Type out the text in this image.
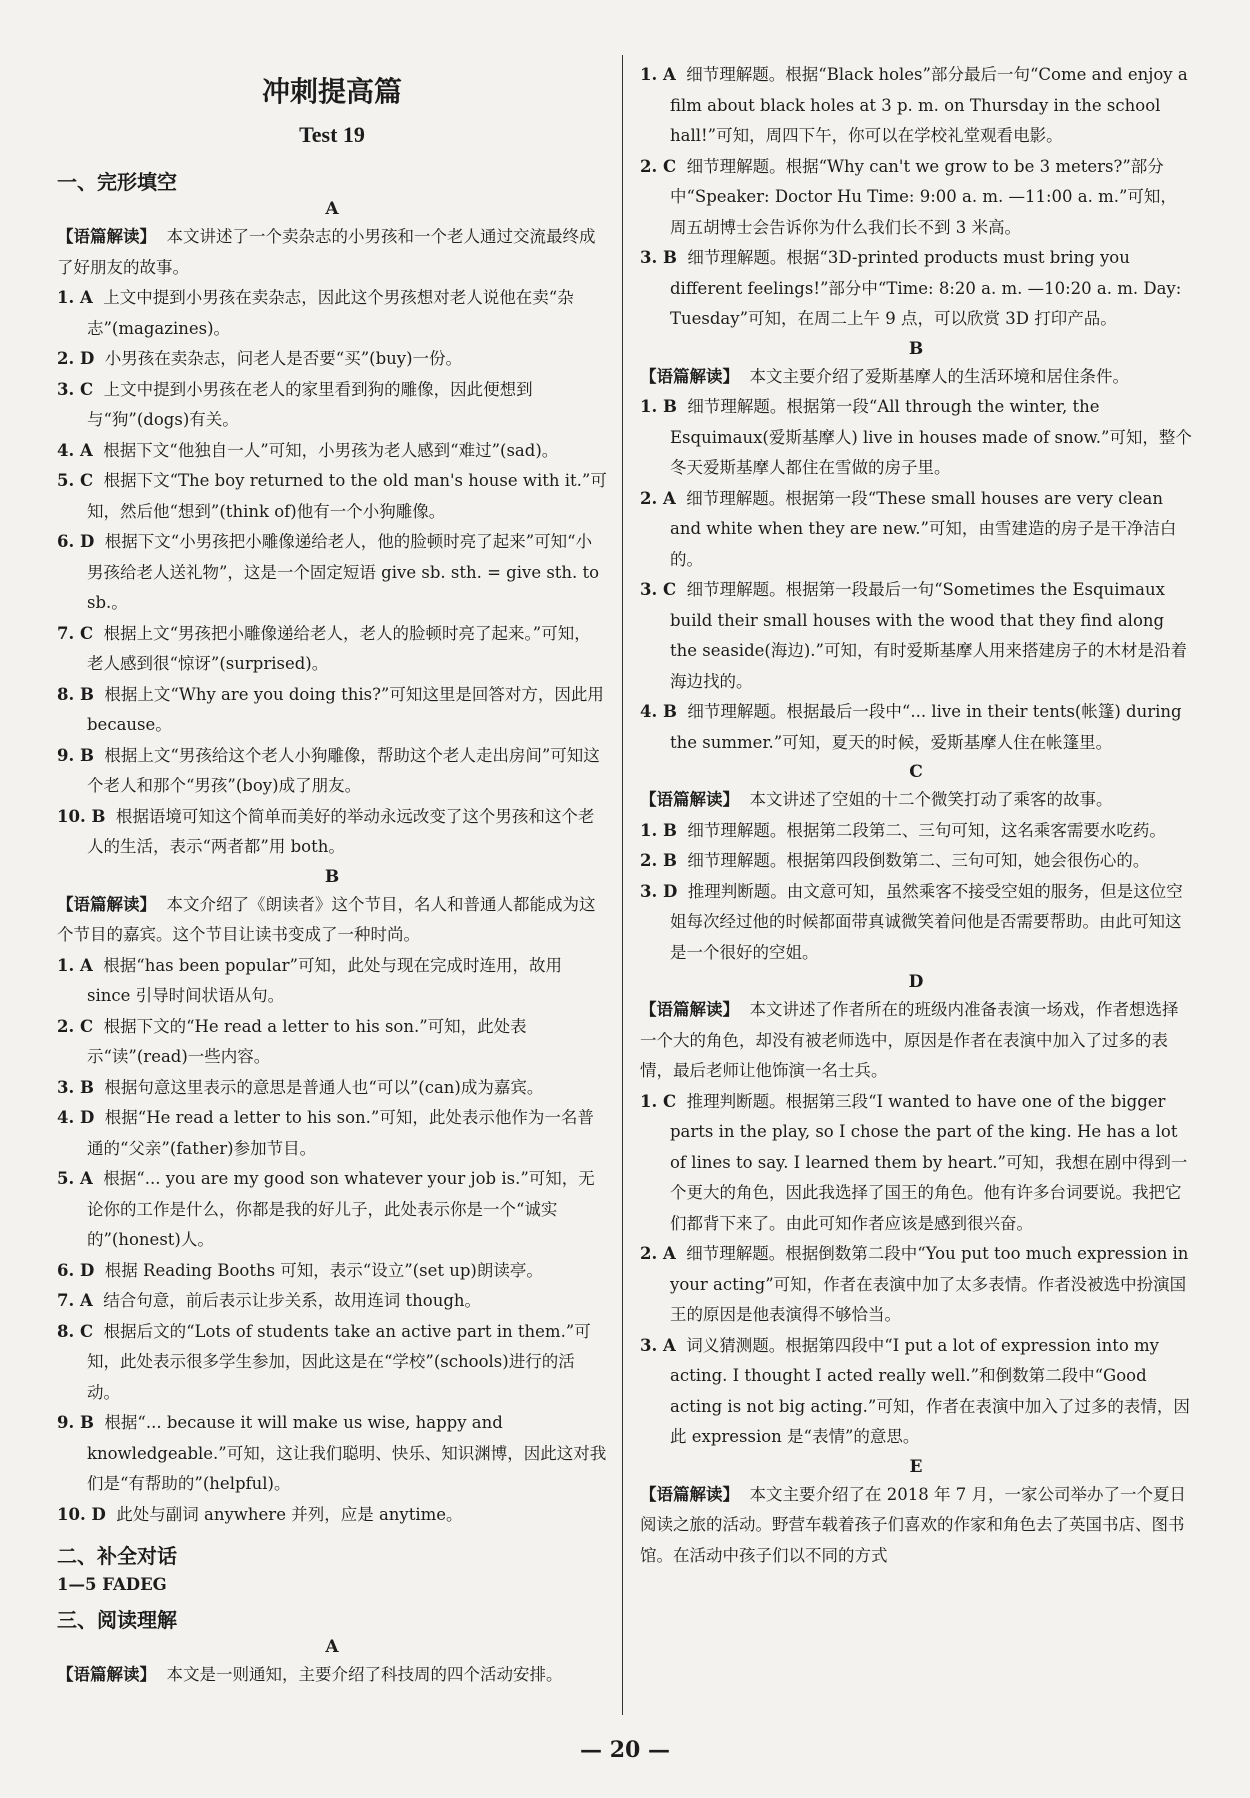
冲刺提高篇
Test 19
一、完形填空
A

【语篇解读】 本文讲述了一个卖杂志的小男孩和一个老人通过交流最终成了好朋友的故事。

1. A 上文中提到小男孩在卖杂志，因此这个男孩想对老人说他在卖“杂志”(magazines)。

2. D 小男孩在卖杂志，问老人是否要“买”(buy)一份。

3. C 上文中提到小男孩在老人的家里看到狗的雕像，因此便想到与“狗”(dogs)有关。

4. A 根据下文“他独自一人”可知，小男孩为老人感到“难过”(sad)。

5. C 根据下文“The boy returned to the old man's house with it.”可知，然后他“想到”(think of)他有一个小狗雕像。

6. D 根据下文“小男孩把小雕像递给老人，他的脸顿时亮了起来”可知“小男孩给老人送礼物”，这是一个固定短语 give sb. sth. = give sth. to sb.。

7. C 根据上文“男孩把小雕像递给老人，老人的脸顿时亮了起来。”可知，老人感到很“惊讶”(surprised)。

8. B 根据上文“Why are you doing this?”可知这里是回答对方，因此用 because。

9. B 根据上文“男孩给这个老人小狗雕像，帮助这个老人走出房间”可知这个老人和那个“男孩”(boy)成了朋友。

10. B 根据语境可知这个简单而美好的举动永远改变了这个男孩和这个老人的生活，表示“两者都”用 both。

B

【语篇解读】 本文介绍了《朗读者》这个节目，名人和普通人都能成为这个节目的嘉宾。这个节目让读书变成了一种时尚。

1. A 根据“has been popular”可知，此处与现在完成时连用，故用 since 引导时间状语从句。

2. C 根据下文的“He read a letter to his son.”可知，此处表示“读”(read)一些内容。

3. B 根据句意这里表示的意思是普通人也“可以”(can)成为嘉宾。

4. D 根据“He read a letter to his son.”可知，此处表示他作为一名普通的“父亲”(father)参加节目。

5. A 根据“... you are my good son whatever your job is.”可知，无论你的工作是什么，你都是我的好儿子，此处表示你是一个“诚实的”(honest)人。

6. D 根据 Reading Booths 可知，表示“设立”(set up)朗读亭。

7. A 结合句意，前后表示让步关系，故用连词 though。

8. C 根据后文的“Lots of students take an active part in them.”可知，此处表示很多学生参加，因此这是在“学校”(schools)进行的活动。

9. B 根据“... because it will make us wise, happy and knowledgeable.”可知，这让我们聪明、快乐、知识渊博，因此这对我们是“有帮助的”(helpful)。

10. D 此处与副词 anywhere 并列，应是 anytime。

二、补全对话
1—5 FADEG
三、阅读理解
A

【语篇解读】 本文是一则通知，主要介绍了科技周的四个活动安排。

1. A 细节理解题。根据“Black holes”部分最后一句“Come and enjoy a film about black holes at 3 p. m. on Thursday in the school hall!”可知，周四下午，你可以在学校礼堂观看电影。

2. C 细节理解题。根据“Why can't we grow to be 3 meters?”部分中“Speaker: Doctor Hu Time: 9:00 a. m. —11:00 a. m.”可知，周五胡博士会告诉你为什么我们长不到 3 米高。

3. B 细节理解题。根据“3D-printed products must bring you different feelings!”部分中“Time: 8:20 a. m. —10:20 a. m. Day: Tuesday”可知，在周二上午 9 点，可以欣赏 3D 打印产品。

B

【语篇解读】 本文主要介绍了爱斯基摩人的生活环境和居住条件。

1. B 细节理解题。根据第一段“All through the winter, the Esquimaux(爱斯基摩人) live in houses made of snow.”可知，整个冬天爱斯基摩人都住在雪做的房子里。

2. A 细节理解题。根据第一段“These small houses are very clean and white when they are new.”可知，由雪建造的房子是干净洁白的。

3. C 细节理解题。根据第一段最后一句“Sometimes the Esquimaux build their small houses with the wood that they find along the seaside(海边).”可知，有时爱斯基摩人用来搭建房子的木材是沿着海边找的。

4. B 细节理解题。根据最后一段中“... live in their tents(帐篷) during the summer.”可知，夏天的时候，爱斯基摩人住在帐篷里。

C

【语篇解读】 本文讲述了空姐的十二个微笑打动了乘客的故事。

1. B 细节理解题。根据第二段第二、三句可知，这名乘客需要水吃药。

2. B 细节理解题。根据第四段倒数第二、三句可知，她会很伤心的。

3. D 推理判断题。由文意可知，虽然乘客不接受空姐的服务，但是这位空姐每次经过他的时候都面带真诚微笑着问他是否需要帮助。由此可知这是一个很好的空姐。

D

【语篇解读】 本文讲述了作者所在的班级内准备表演一场戏，作者想选择一个大的角色，却没有被老师选中，原因是作者在表演中加入了过多的表情，最后老师让他饰演一名士兵。

1. C 推理判断题。根据第三段“I wanted to have one of the bigger parts in the play, so I chose the part of the king. He has a lot of lines to say. I learned them by heart.”可知，我想在剧中得到一个更大的角色，因此我选择了国王的角色。他有许多台词要说。我把它们都背下来了。由此可知作者应该是感到很兴奋。

2. A 细节理解题。根据倒数第二段中“You put too much expression in your acting”可知，作者在表演中加了太多表情。作者没被选中扮演国王的原因是他表演得不够恰当。

3. A 词义猜测题。根据第四段中“I put a lot of expression into my acting. I thought I acted really well.”和倒数第二段中“Good acting is not big acting.”可知，作者在表演中加入了过多的表情，因此 expression 是“表情”的意思。

E

【语篇解读】 本文主要介绍了在 2018 年 7 月，一家公司举办了一个夏日阅读之旅的活动。野营车载着孩子们喜欢的作家和角色去了英国书店、图书馆。在活动中孩子们以不同的方式

— 20 —
